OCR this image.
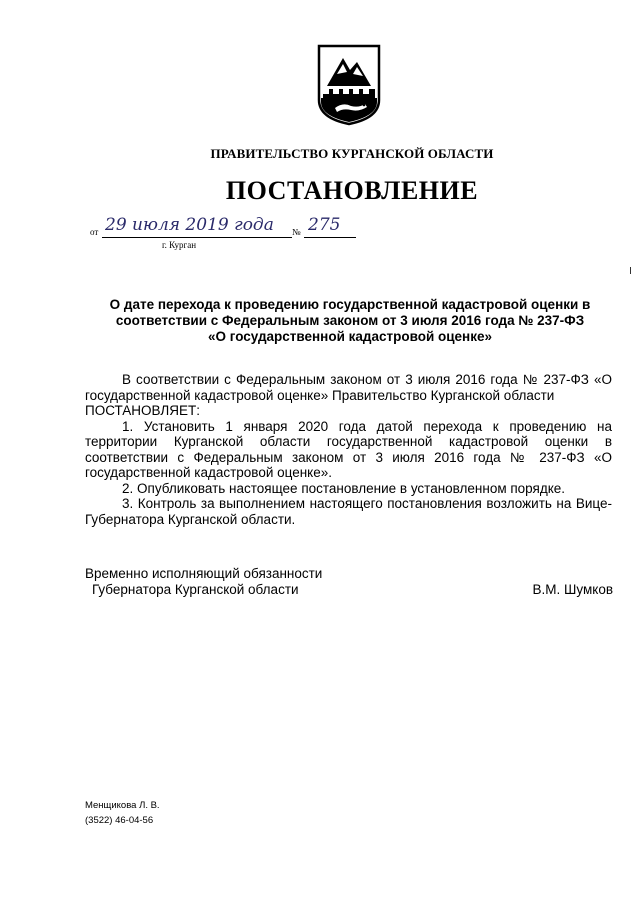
ПРАВИТЕЛЬСТВО КУРГАНСКОЙ ОБЛАСТИ
ПОСТАНОВЛЕНИЕ
от 29 июля 2019 года № 275
г. Курган
О дате перехода к проведению государственной кадастровой оценки в
соответствии с Федеральным законом от 3 июля 2016 года № 237-ФЗ
«О государственной кадастровой оценке»

В соответствии с Федеральным законом от 3 июля 2016 года № 237-ФЗ «О государственной кадастровой оценке» Правительство Курганской области

ПОСТАНОВЛЯЕТ:

1. Установить 1 января 2020 года датой перехода к проведению на территории Курганской области государственной кадастровой оценки в соответствии с Федеральным законом от 3 июля 2016 года № 237-ФЗ «О государственной кадастровой оценке».

2. Опубликовать настоящее постановление в установленном порядке.

3. Контроль за выполнением настоящего постановления возложить на Вице-Губернатора Курганской области.

Временно исполняющий обязанности
Губернатора Курганской области	В.М. Шумков
Менщикова Л. В.
(3522) 46-04-56
